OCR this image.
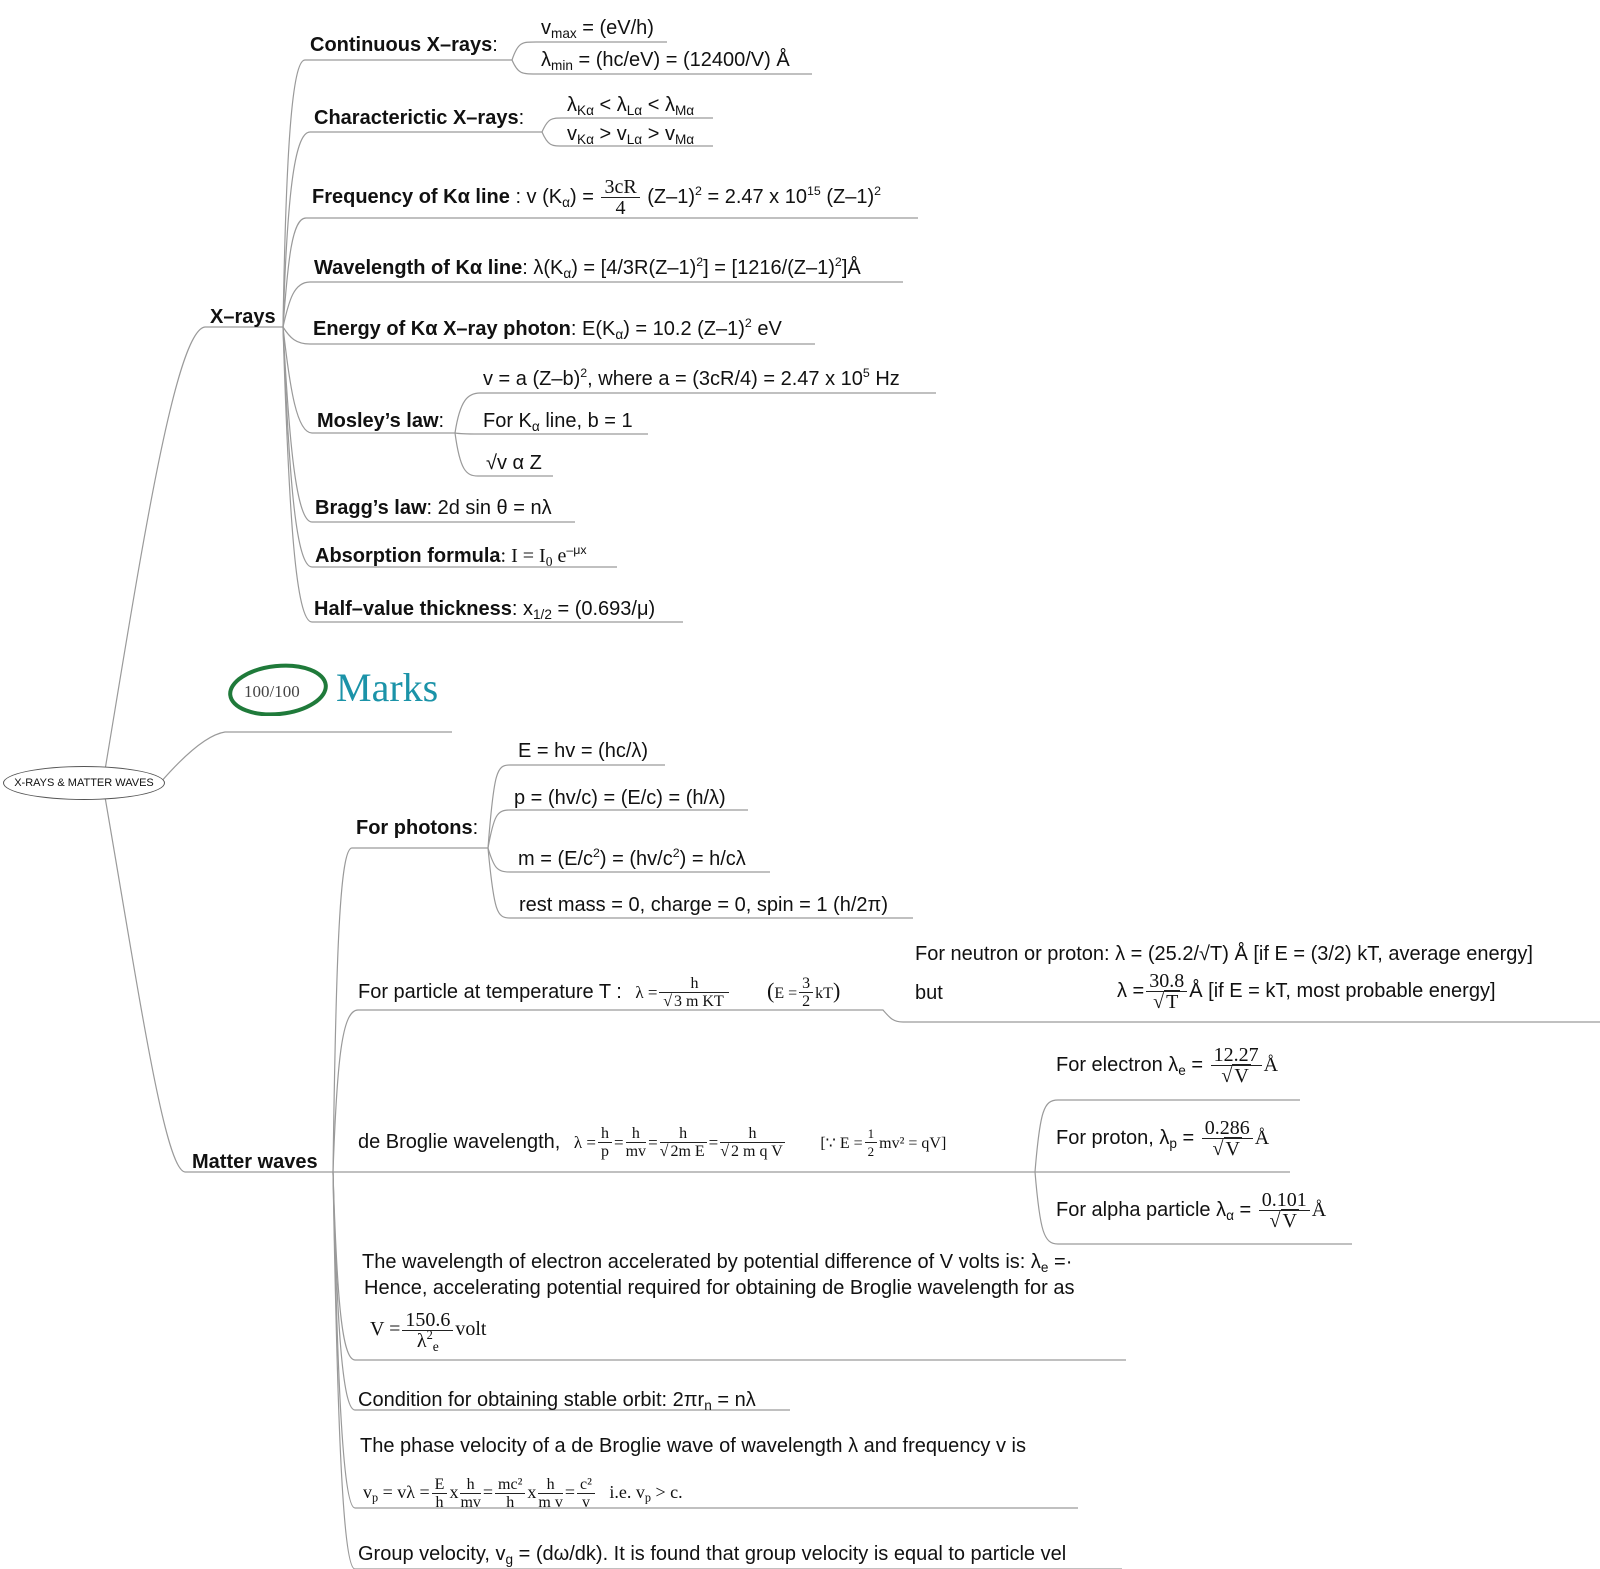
X-RAYS & MATTER WAVES
100/100 Marks
X–rays
Continuous X–rays:
$v_{max} = (eV/h)$
$\lambda_{min} = (hc/eV) = (12400/V)$ Å
Characterictic X–rays:
$\lambda_{K\alpha} < \lambda_{L\alpha} < \lambda_{M\alpha}$
$v_{K\alpha} > v_{L\alpha} > v_{M\alpha}$
Frequency of Kα line : v $(K_\alpha) = \frac{3cR}{4} (Z-1)^2 = 2.47$ x $10^{15}$ $(Z-1)^2$
Wavelength of Kα line: $\lambda(K_\alpha) = [4/3R(Z-1)^2]$ = $[1216/(Z-1)^2]Å$
Energy of Kα X–ray photon: $E(K_\alpha) = 10.2$ $(Z-1)^2$ eV
Mosley’s law:
v = a $(Z-b)^2$, where a = (3cR/4) = 2.47 x $10^5$ Hz
For $K_\alpha$ line, b = 1
√v α Z
Bragg’s law: 2d sin θ = nλ
Absorption formula: $I = I_0$ $e^{-\mu x}$
Half–value thickness: $x_{1/2} = (0.693/\mu)$
Matter waves
For photons:
E = hv = (hc/λ)
p = (hv/c) = (E/c) = (h/λ)
$m = (E/c^2) = (hv/c^2) = h/c\lambda$
rest mass = 0, charge = 0, spin = 1 (h/2π)
For particle at temperature T : $\lambda = \frac{h}{\text{√ 3 m KT}} (E = \frac{3}{2} kT)$
For neutron or proton: λ = (25.2/√T) Å [if E = (3/2) kT, average energy]
but	$\lambda = \frac{30.8}{√ T}$ Å [if E = kT, most probable energy]
de Broglie wavelength, $\lambda = \frac{h}{p} = \frac{h}{mv} = \frac{h}{\text{√ 2m E}} = \frac{h}{\text{√ 2 m q V}}$ [∵ $E = \frac{1}{2} mv^2 = qV$]
For electron $\lambda_e = \frac{12.27}{√ V}$ Å
For proton, $\lambda_p = \frac{0.286}{√ V}$ Å
For alpha particle $\lambda_\alpha = \frac{0.101}{√ V}$ Å
The wavelength of electron accelerated by potential difference of V volts is: $\lambda_e$ =·
Hence, accelerating potential required for obtaining de Broglie wavelength for as
$V = \frac{150.6}{\lambda^2_e}$ volt
Condition for obtaining stable orbit: $2\pi r_n = n\lambda$
The phase velocity of a de Broglie wave of wavelength λ and frequency v is
$v_p = v\lambda = \frac{E}{h}$ x $\frac{h}{mv} = \frac{\text{mc²}}{h}$ x $\frac{h}{\text{m v}} = \frac{\text{c²}}{v} i.e$. $v_p > c$.
Group velocity, $v_g = (d\omega/dk)$. It is found that group velocity is equal to particle vel
